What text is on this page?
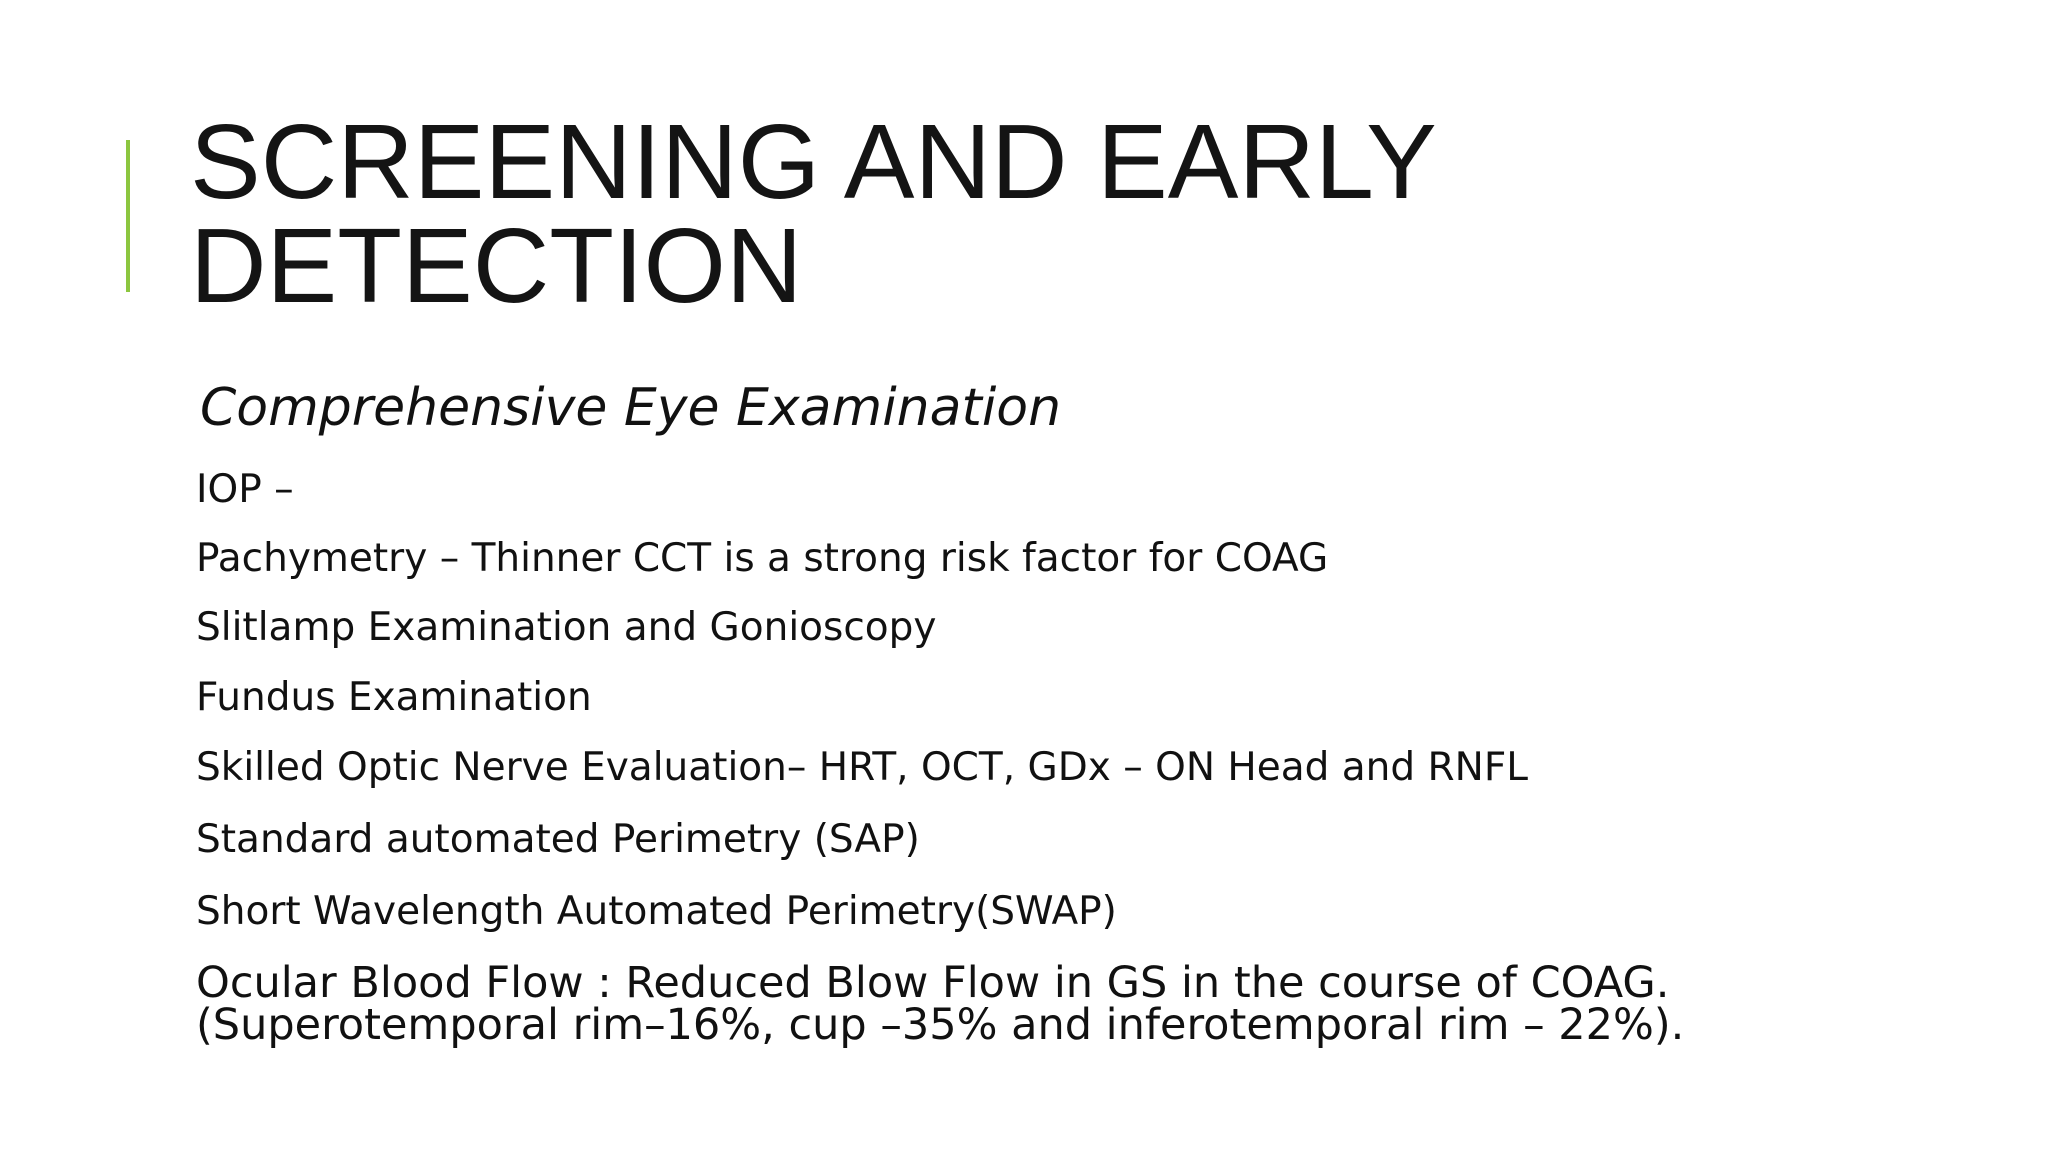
SCREENING AND EARLY
DETECTION
Comprehensive Eye Examination
IOP –
Pachymetry – Thinner CCT is a strong risk factor for COAG
Slitlamp Examination and Gonioscopy
Fundus Examination
Skilled Optic Nerve Evaluation– HRT, OCT, GDx – ON Head and RNFL
Standard automated Perimetry (SAP)
Short Wavelength Automated Perimetry(SWAP)
Ocular Blood Flow : Reduced Blow Flow in GS in the course of COAG.
(Superotemporal rim–16%, cup –35% and inferotemporal rim – 22%).
